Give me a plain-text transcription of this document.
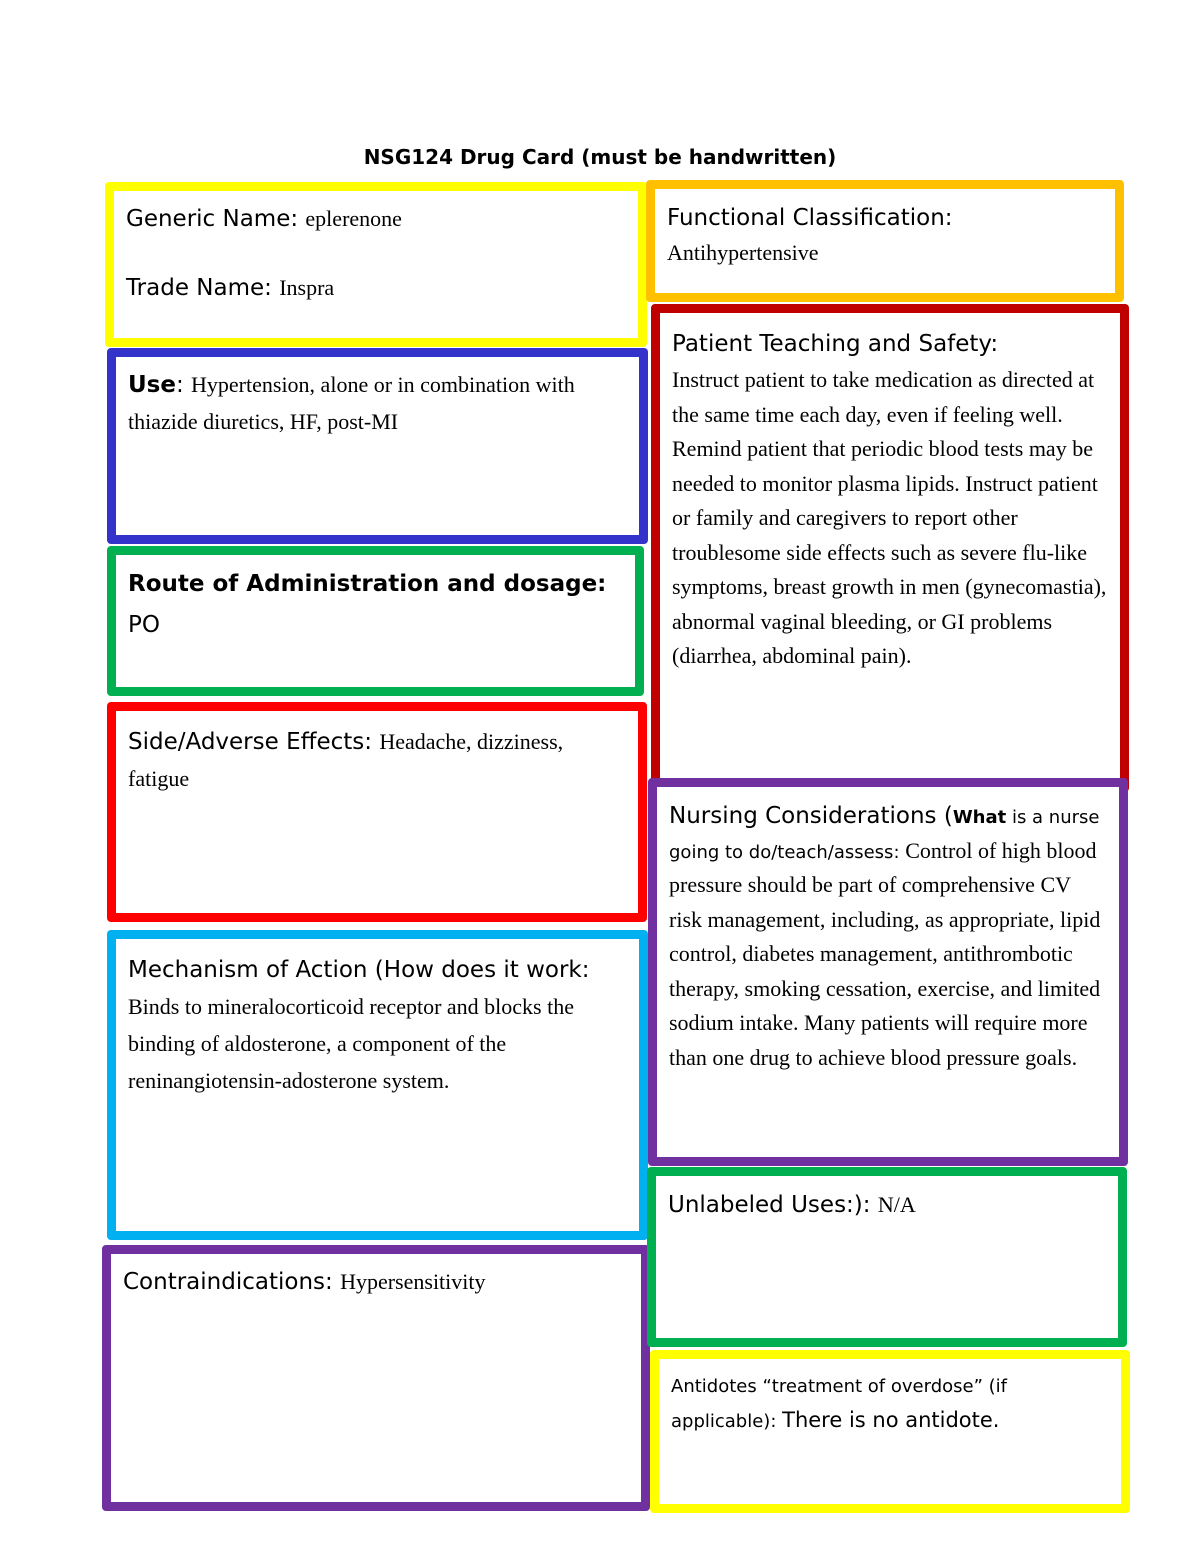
NSG124 Drug Card (must be handwritten)

Generic Name: eplerenone

Trade Name: Inspra

Use: Hypertension, alone or in combination with thiazide diuretics, HF, post-MI

Route of Administration and dosage:

PO

Side/Adverse Effects: Headache, dizziness, fatigue

Mechanism of Action (How does it work: Binds to mineralocorticoid receptor and blocks the binding of aldosterone, a component of the reninangiotensin-adosterone system.

Contraindications: Hypersensitivity

Functional Classification:

Antihypertensive

Patient Teaching and Safety:

Instruct patient to take medication as directed at the same time each day, even if feeling well. Remind patient that periodic blood tests may be needed to monitor plasma lipids. Instruct patient or family and caregivers to report other troublesome side effects such as severe flu-like symptoms, breast growth in men (gynecomastia), abnormal vaginal bleeding, or GI problems (diarrhea, abdominal pain).

Nursing Considerations (What is a nurse going to do/teach/assess: Control of high blood pressure should be part of comprehensive CV risk management, including, as appropriate, lipid control, diabetes management, antithrombotic therapy, smoking cessation, exercise, and limited sodium intake. Many patients will require more than one drug to achieve blood pressure goals.

Unlabeled Uses:): N/A

Antidotes “treatment of overdose” (if applicable): There is no antidote.
